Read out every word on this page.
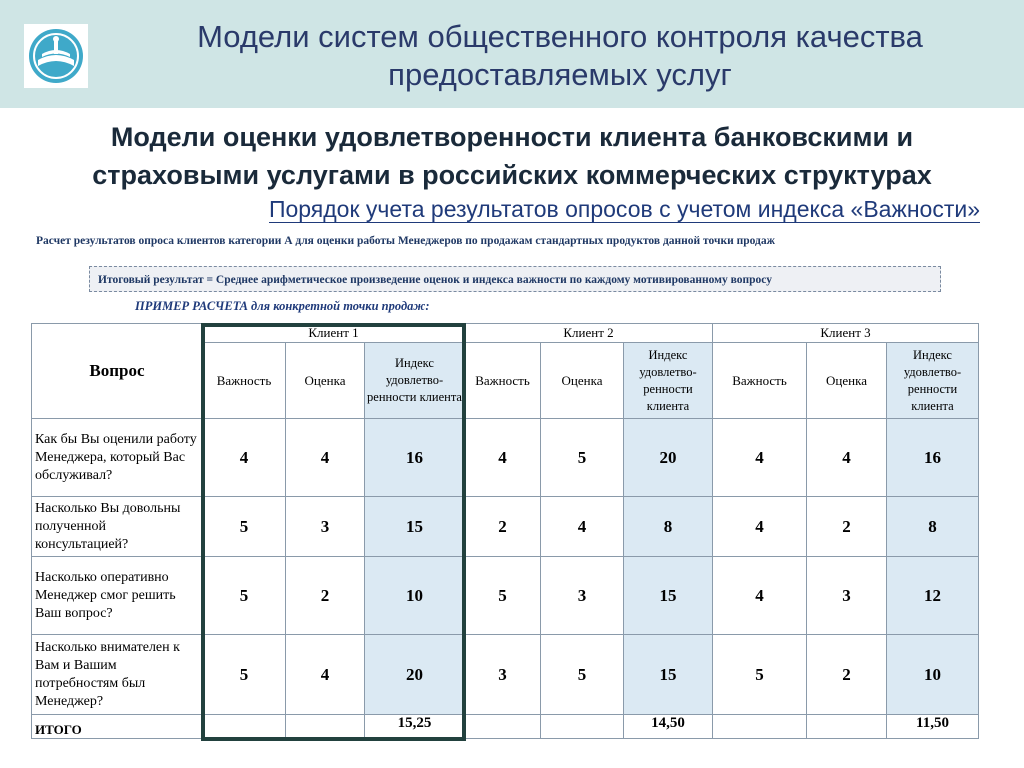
Модели систем общественного контроля качества
предоставляемых услуг
Модели оценки удовлетворенности клиента банковскими и
страховыми услугами в российских коммерческих структурах
Порядок учета результатов опросов с учетом индекса «Важности»
Расчет результатов опроса клиентов категории А для оценки работы Менеджеров по продажам стандартных продуктов данной точки продаж
Итоговый результат = Среднее арифметическое произведение оценок и индекса важности по каждому мотивированному вопросу
ПРИМЕР РАСЧЕТА для конкретной точки продаж:
Вопрос	Клиент 1			Клиент 2			Клиент 3		
	Важность	Оценка	Индекс удовлетво-ренности клиента	Важность	Оценка	Индекс удовлетво-ренности клиента	Важность	Оценка	Индекс удовлетво-ренности клиента
Как бы Вы оценили работу Менеджера, который Вас обслуживал?	4	4	16	4	5	20	4	4	16
Насколько Вы довольны полученной консультацией?	5	3	15	2	4	8	4	2	8
Насколько оперативно Менеджер смог решить Ваш вопрос?	5	2	10	5	3	15	4	3	12
Насколько внимателен к Вам и Вашим потребностям был Менеджер?	5	4	20	3	5	15	5	2	10
ИТОГО			15,25			14,50			11,50
